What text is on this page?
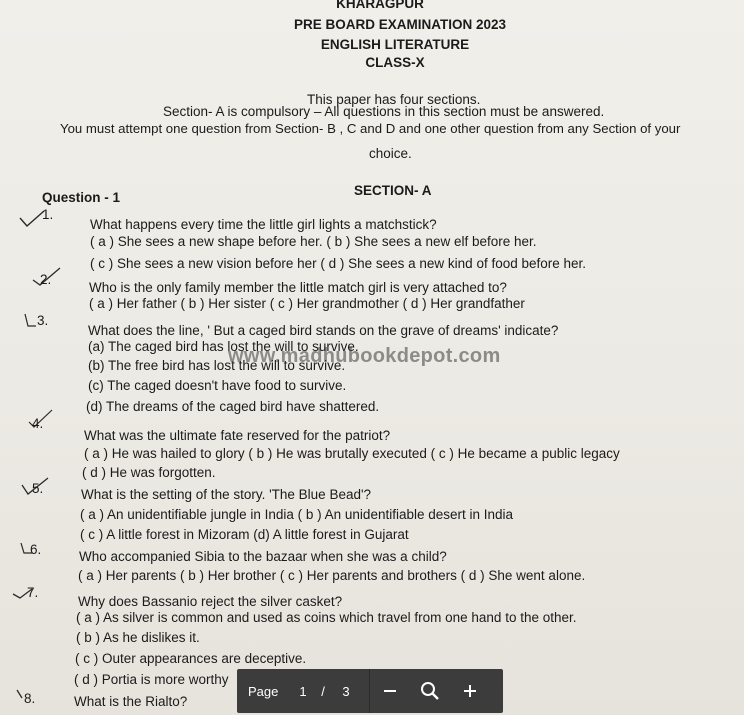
KHARAGPUR
PRE BOARD EXAMINATION 2023
ENGLISH LITERATURE
CLASS-X
This paper has four sections.
Section- A is compulsory – All questions in this section must be answered.
You must attempt one question from Section- B , C and D and one other question from any Section of your
choice.
SECTION- A
Question - 1
1.
What happens every time the little girl lights a matchstick?
( a ) She sees a new shape before her. ( b ) She sees a new elf before her.
( c ) She sees a new vision before her ( d ) She sees a new kind of food before her.
2.
Who is the only family member the little match girl is very attached to?
( a ) Her father ( b ) Her sister ( c ) Her grandmother ( d ) Her grandfather
3.
What does the line, ' But a caged bird stands on the grave of dreams' indicate?
(a) The caged bird has lost the will to survive.
(b) The free bird has lost the will to survive.
(c) The caged doesn't have food to survive.
(d) The dreams of the caged bird have shattered.
www.madhubookdepot.com
4.
What was the ultimate fate reserved for the patriot?
( a ) He was hailed to glory ( b ) He was brutally executed ( c ) He became a public legacy
( d ) He was forgotten.
5.	What is the setting of the story. 'The Blue Bead'?
( a ) An unidentifiable jungle in India ( b ) An unidentifiable desert in India
( c ) A little forest in Mizoram (d) A little forest in Gujarat
6.	Who accompanied Sibia to the bazaar when she was a child?
( a ) Her parents ( b ) Her brother ( c ) Her parents and brothers ( d ) She went alone.
7.
Why does Bassanio reject the silver casket?
( a ) As silver is common and used as coins which travel from one hand to the other.
( b ) As he dislikes it.
( c ) Outer appearances are deceptive.
( d ) Portia is more worthy
8.	What is the Rialto?
Page	1	/	3
